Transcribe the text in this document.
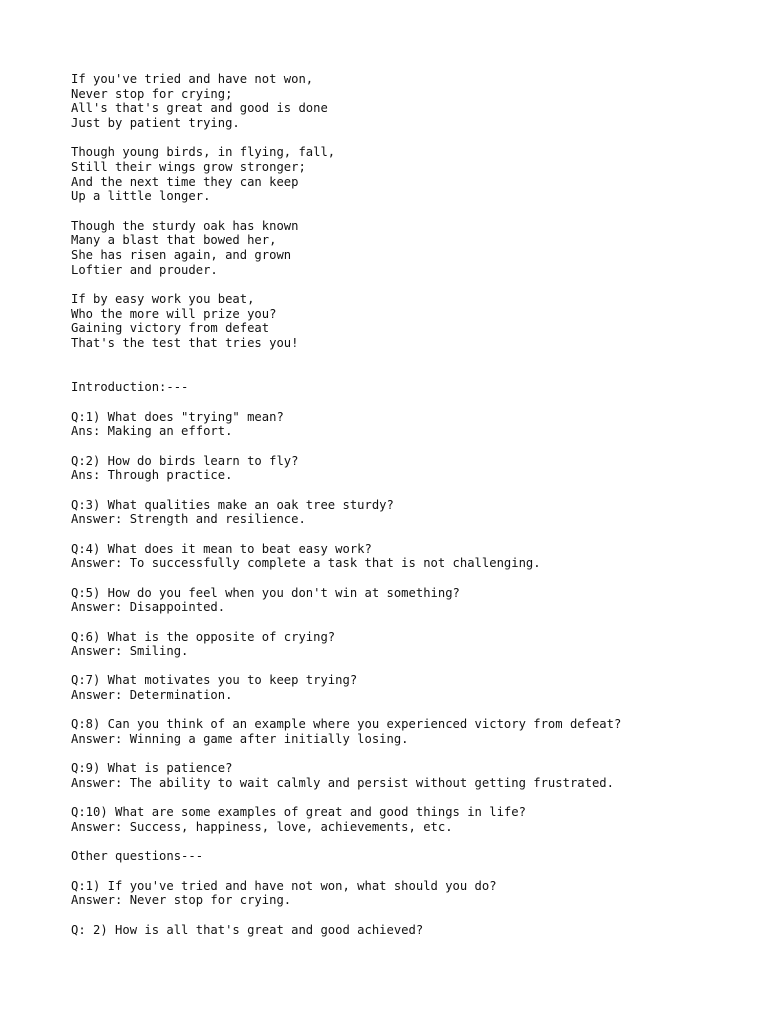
If you've tried and have not won,
Never stop for crying;
All's that's great and good is done
Just by patient trying.
Though young birds, in flying, fall,
Still their wings grow stronger;
And the next time they can keep
Up a little longer.
Though the sturdy oak has known
Many a blast that bowed her,
She has risen again, and grown
Loftier and prouder.
If by easy work you beat,
Who the more will prize you?
Gaining victory from defeat
That's the test that tries you!
Introduction:---
Q:1) What does "trying" mean?
Ans: Making an effort.
Q:2) How do birds learn to fly?
Ans: Through practice.
Q:3) What qualities make an oak tree sturdy?
Answer: Strength and resilience.
Q:4) What does it mean to beat easy work?
Answer: To successfully complete a task that is not challenging.
Q:5) How do you feel when you don't win at something?
Answer: Disappointed.
Q:6) What is the opposite of crying?
Answer: Smiling.
Q:7) What motivates you to keep trying?
Answer: Determination.
Q:8) Can you think of an example where you experienced victory from defeat?
Answer: Winning a game after initially losing.
Q:9) What is patience?
Answer: The ability to wait calmly and persist without getting frustrated.
Q:10) What are some examples of great and good things in life?
Answer: Success, happiness, love, achievements, etc.
Other questions---
Q:1) If you've tried and have not won, what should you do?
Answer: Never stop for crying.
Q: 2) How is all that's great and good achieved?
